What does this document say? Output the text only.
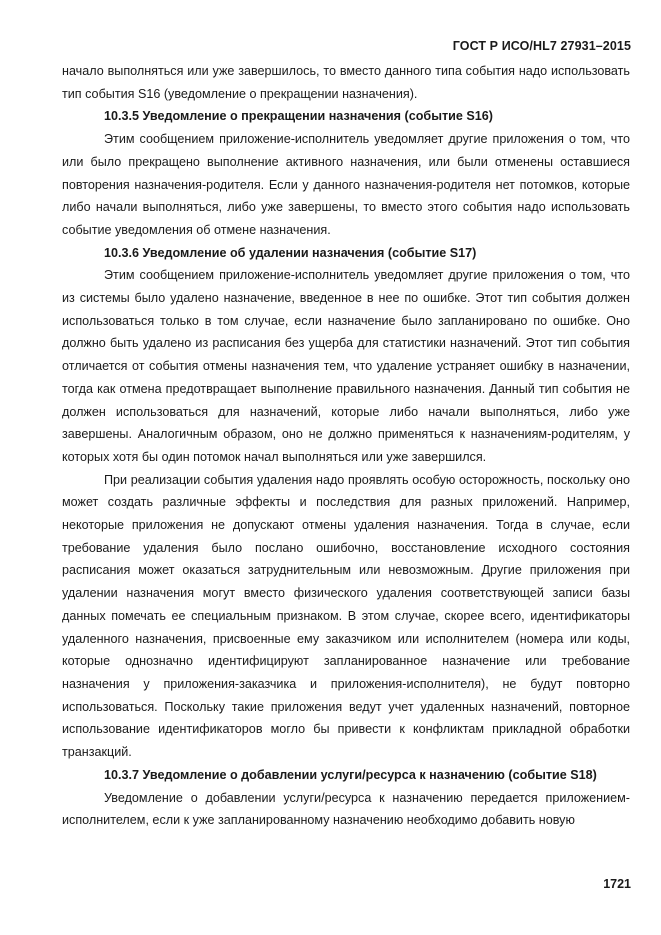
ГОСТ Р ИСО/HL7 27931–2015

начало выполняться или уже завершилось, то вместо данного типа события надо использовать тип события S16 (уведомление о прекращении назначения).

10.3.5 Уведомление о прекращении назначения (событие S16)

Этим сообщением приложение-исполнитель уведомляет другие приложения о том, что или было прекращено выполнение активного назначения, или были отменены оставшиеся повторения назначения-родителя. Если у данного назначения-родителя нет потомков, которые либо начали выполняться, либо уже завершены, то вместо этого события надо использовать событие уведомления об отмене назначения.

10.3.6 Уведомление об удалении назначения (событие S17)

Этим сообщением приложение-исполнитель уведомляет другие приложения о том, что из системы было удалено назначение, введенное в нее по ошибке. Этот тип события должен использоваться только в том случае, если назначение было запланировано по ошибке. Оно должно быть удалено из расписания без ущерба для статистики назначений. Этот тип события отличается от события отмены назначения тем, что удаление устраняет ошибку в назначении, тогда как отмена предотвращает выполнение правильного назначения. Данный тип события не должен использоваться для назначений, которые либо начали выполняться, либо уже завершены. Аналогичным образом, оно не должно применяться к назначениям-родителям, у которых хотя бы один потомок начал выполняться или уже завершился.

При реализации события удаления надо проявлять особую осторожность, поскольку оно может создать различные эффекты и последствия для разных приложений. Например, некоторые приложения не допускают отмены удаления назначения. Тогда в случае, если требование удаления было послано ошибочно, восстановление исходного состояния расписания может оказаться затруднительным или невозможным. Другие приложения при удалении назначения могут вместо физического удаления соответствующей записи базы данных помечать ее специальным признаком. В этом случае, скорее всего, идентификаторы удаленного назначения, присвоенные ему заказчиком или исполнителем (номера или коды, которые однозначно идентифицируют запланированное назначение или требование назначения у приложения-заказчика и приложения-исполнителя), не будут повторно использоваться. Поскольку такие приложения ведут учет удаленных назначений, повторное использование идентификаторов могло бы привести к конфликтам прикладной обработки транзакций.

10.3.7 Уведомление о добавлении услуги/ресурса к назначению (событие S18)

Уведомление о добавлении услуги/ресурса к назначению передается приложением-исполнителем, если к уже запланированному назначению необходимо добавить новую

1721
